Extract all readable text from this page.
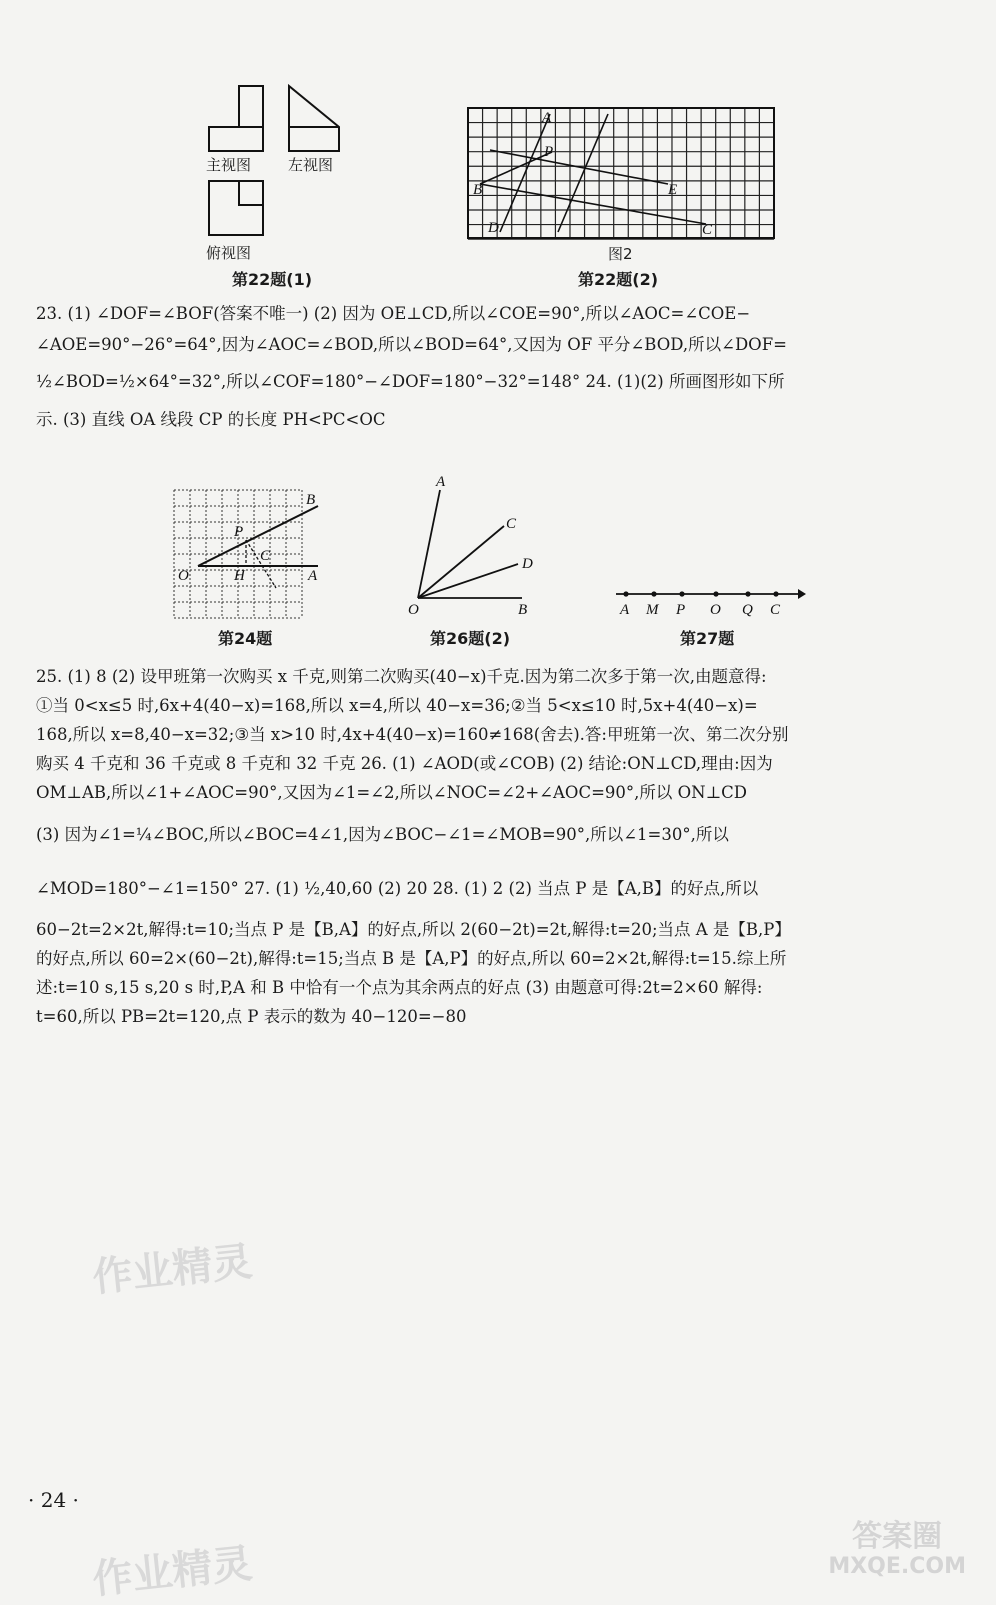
主视图 左视图
俯视图
第22题(1)
A
P
B	E
D	C
图2
第22题(2)
23. (1) ∠DOF=∠BOF(答案不唯一) (2) 因为 OE⊥CD,所以∠COE=90°,所以∠AOC=∠COE−
∠AOE=90°−26°=64°,因为∠AOC=∠BOD,所以∠BOD=64°,又因为 OF 平分∠BOD,所以∠DOF=
½∠BOD=½×64°=32°,所以∠COF=180°−∠DOF=180°−32°=148° 24. (1)(2) 所画图形如下所
示. (3) 直线 OA 线段 CP 的长度 PH<PC<OC
B
P
C
O	H	A
第24题
A
C
D
O	B
第26题(2)
A M P O Q C
第27题
25. (1) 8 (2) 设甲班第一次购买 x 千克,则第二次购买(40−x)千克.因为第二次多于第一次,由题意得:
①当 0<x≤5 时,6x+4(40−x)=168,所以 x=4,所以 40−x=36;②当 5<x≤10 时,5x+4(40−x)=
168,所以 x=8,40−x=32;③当 x>10 时,4x+4(40−x)=160≠168(舍去).答:甲班第一次、第二次分别
购买 4 千克和 36 千克或 8 千克和 32 千克 26. (1) ∠AOD(或∠COB) (2) 结论:ON⊥CD,理由:因为
OM⊥AB,所以∠1+∠AOC=90°,又因为∠1=∠2,所以∠NOC=∠2+∠AOC=90°,所以 ON⊥CD
(3) 因为∠1=¼∠BOC,所以∠BOC=4∠1,因为∠BOC−∠1=∠MOB=90°,所以∠1=30°,所以
∠MOD=180°−∠1=150° 27. (1) ½,40,60 (2) 20 28. (1) 2 (2) 当点 P 是【A,B】的好点,所以
60−2t=2×2t,解得:t=10;当点 P 是【B,A】的好点,所以 2(60−2t)=2t,解得:t=20;当点 A 是【B,P】
的好点,所以 60=2×(60−2t),解得:t=15;当点 B 是【A,P】的好点,所以 60=2×2t,解得:t=15.综上所
述:t=10 s,15 s,20 s 时,P,A 和 B 中恰有一个点为其余两点的好点 (3) 由题意可得:2t=2×60 解得:
t=60,所以 PB=2t=120,点 P 表示的数为 40−120=−80
作业精灵
作业精灵
答案圈
MXQE.COM
· 24 ·
